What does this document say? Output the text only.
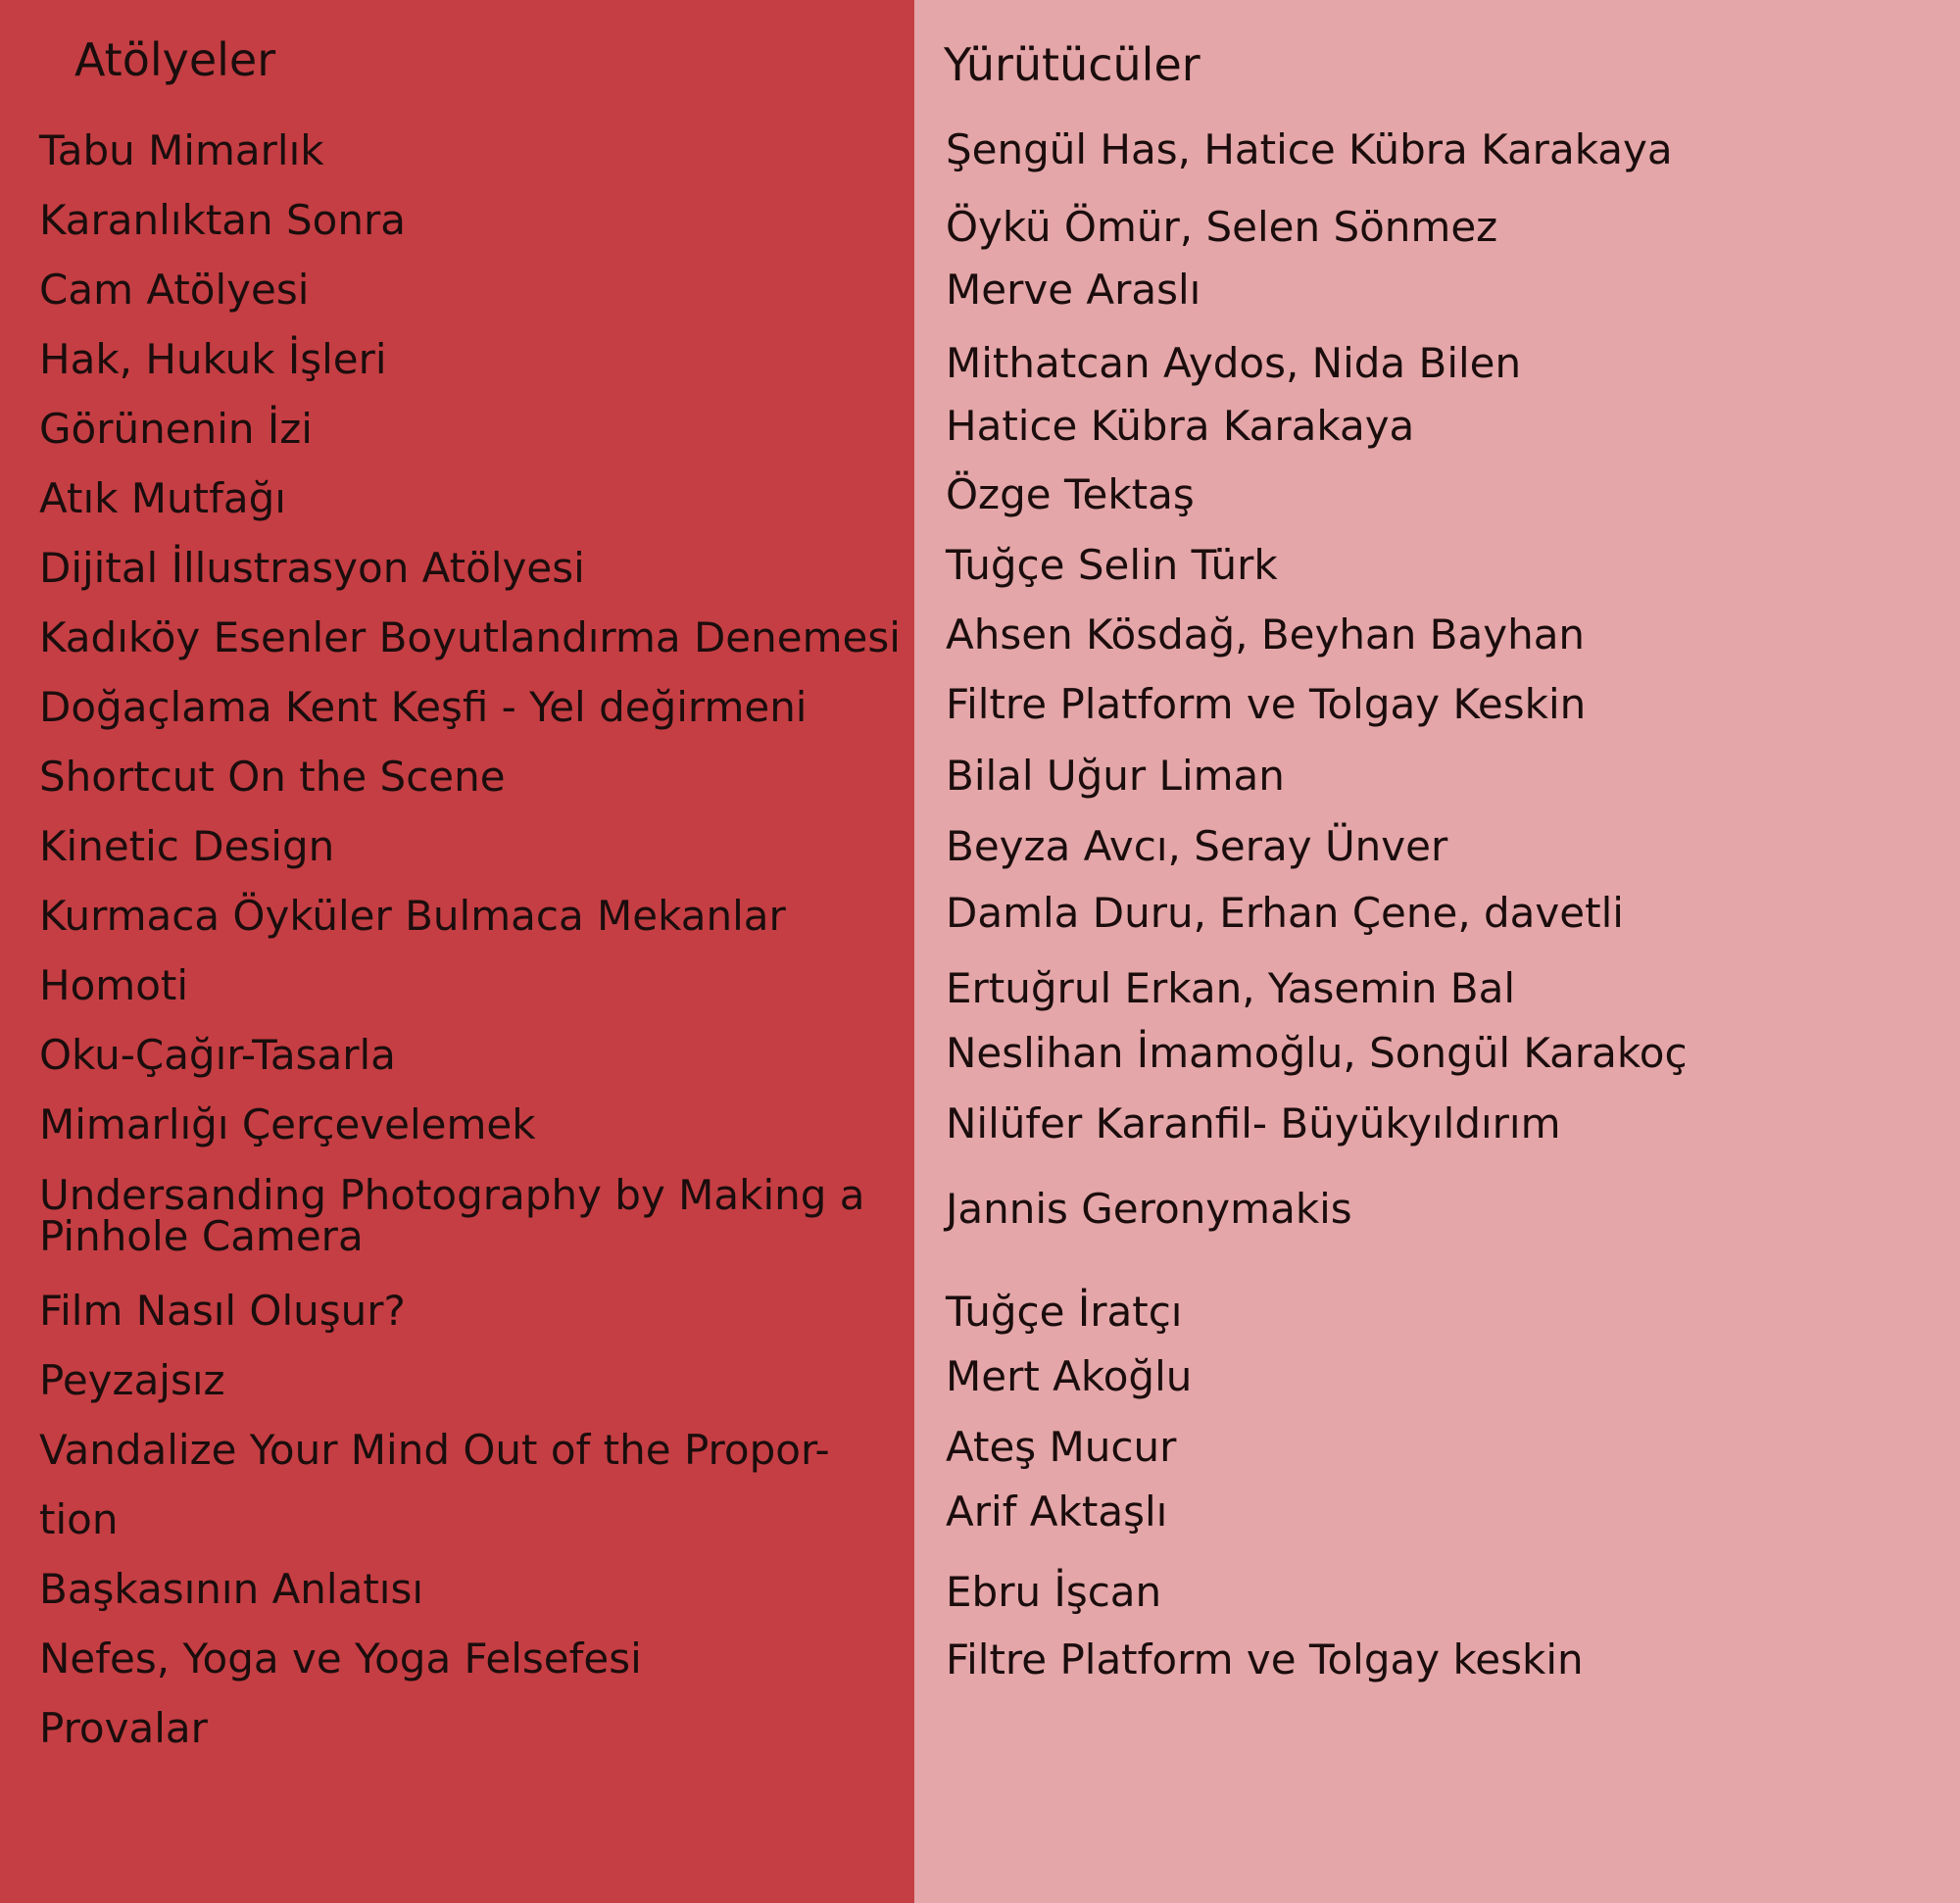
Atölyeler
Tabu Mimarlık
Karanlıktan Sonra
Cam Atölyesi
Hak, Hukuk İşleri
Görünenin İzi
Atık Mutfağı
Dijital İllustrasyon Atölyesi
Kadıköy Esenler Boyutlandırma Denemesi
Doğaçlama Kent Keşfi - Yel değirmeni
Shortcut On the Scene
Kinetic Design
Kurmaca Öyküler Bulmaca Mekanlar
Homoti
Oku-Çağır-Tasarla
Mimarlığı Çerçevelemek
Undersanding Photography by Making a Pinhole Camera
Film Nasıl Oluşur?
Peyzajsız
Vandalize Your Mind Out of the Propor-
tion
Başkasının Anlatısı
Nefes, Yoga ve Yoga Felsefesi
Provalar
Yürütücüler
Şengül Has, Hatice Kübra Karakaya
Öykü Ömür, Selen Sönmez
Merve Araslı
Mithatcan Aydos, Nida Bilen
Hatice Kübra Karakaya
Özge Tektaş
Tuğçe Selin Türk
Ahsen Kösdağ, Beyhan Bayhan
Filtre Platform ve Tolgay Keskin
Bilal Uğur Liman
Beyza Avcı, Seray Ünver
Damla Duru, Erhan Çene, davetli
Ertuğrul Erkan, Yasemin Bal
Neslihan İmamoğlu, Songül Karakoç
Nilüfer Karanfil- Büyükyıldırım
Jannis Geronymakis
Tuğçe İratçı
Mert Akoğlu
Ateş Mucur
Arif Aktaşlı
Ebru İşcan
Filtre Platform ve Tolgay keskin
